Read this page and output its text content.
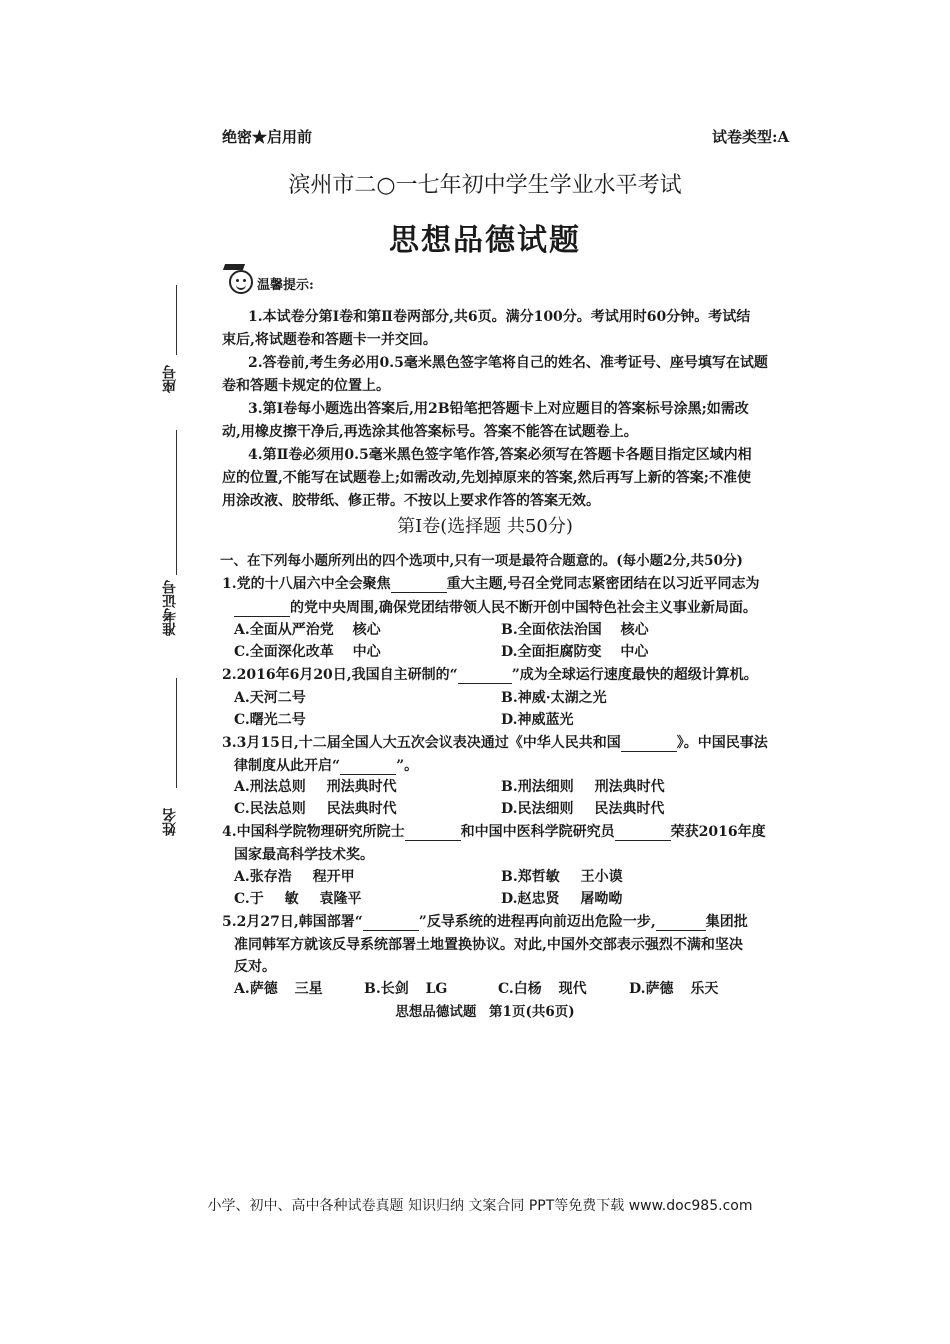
绝密★启用前	试卷类型:A
滨州市二○一七年初中学生学业水平考试
思想品德试题
温馨提示:
1.本试卷分第Ⅰ卷和第Ⅱ卷两部分,共6页。满分100分。考试用时60分钟。考试结
束后,将试题卷和答题卡一并交回。
2.答卷前,考生务必用0.5毫米黑色签字笔将自己的姓名、准考证号、座号填写在试题
卷和答题卡规定的位置上。
3.第Ⅰ卷每小题选出答案后,用2B铅笔把答题卡上对应题目的答案标号涂黑;如需改
动,用橡皮擦干净后,再选涂其他答案标号。答案不能答在试题卷上。
4.第Ⅱ卷必须用0.5毫米黑色签字笔作答,答案必须写在答题卡各题目指定区域内相
应的位置,不能写在试题卷上;如需改动,先划掉原来的答案,然后再写上新的答案;不准使
用涂改液、胶带纸、修正带。不按以上要求作答的答案无效。
座号
准考证号
姓名
第Ⅰ卷(选择题 共50分)
一、在下列每小题所列出的四个选项中,只有一项是最符合题意的。(每小题2分,共50分)
1.党的十八届六中全会聚焦	重大主题,号召全党同志紧密团结在以习近平同志为
的党中央周围,确保党团结带领人民不断开创中国特色社会主义事业新局面。
A.全面从严治党 核心	B.全面依法治国 核心
C.全面深化改革 中心	D.全面拒腐防变 中心
2.2016年6月20日,我国自主研制的“	”成为全球运行速度最快的超级计算机。
A.天河二号	B.神威·太湖之光
C.曙光二号	D.神威蓝光
3.3月15日,十二届全国人大五次会议表决通过《中华人民共和国	》。中国民事法
律制度从此开启“	”。
A.刑法总则 刑法典时代	B.刑法细则 刑法典时代
C.民法总则 民法典时代	D.民法细则 民法典时代
4.中国科学院物理研究所院士	和中国中医科学院研究员	荣获2016年度
国家最高科学技术奖。
A.张存浩 程开甲	B.郑哲敏 王小谟
C.于 敏 袁隆平	D.赵忠贤 屠呦呦
5.2月27日,韩国部署“	”反导系统的进程再向前迈出危险一步,	集团批
准同韩军方就该反导系统部署土地置换协议。对此,中国外交部表示强烈不满和坚决
反对。
A.萨德 三星	B.长剑 LG	C.白杨 现代	D.萨德 乐天
思想品德试题 第1页(共6页)
小学、初中、高中各种试卷真题 知识归纳 文案合同 PPT等免费下载 www.doc985.com
